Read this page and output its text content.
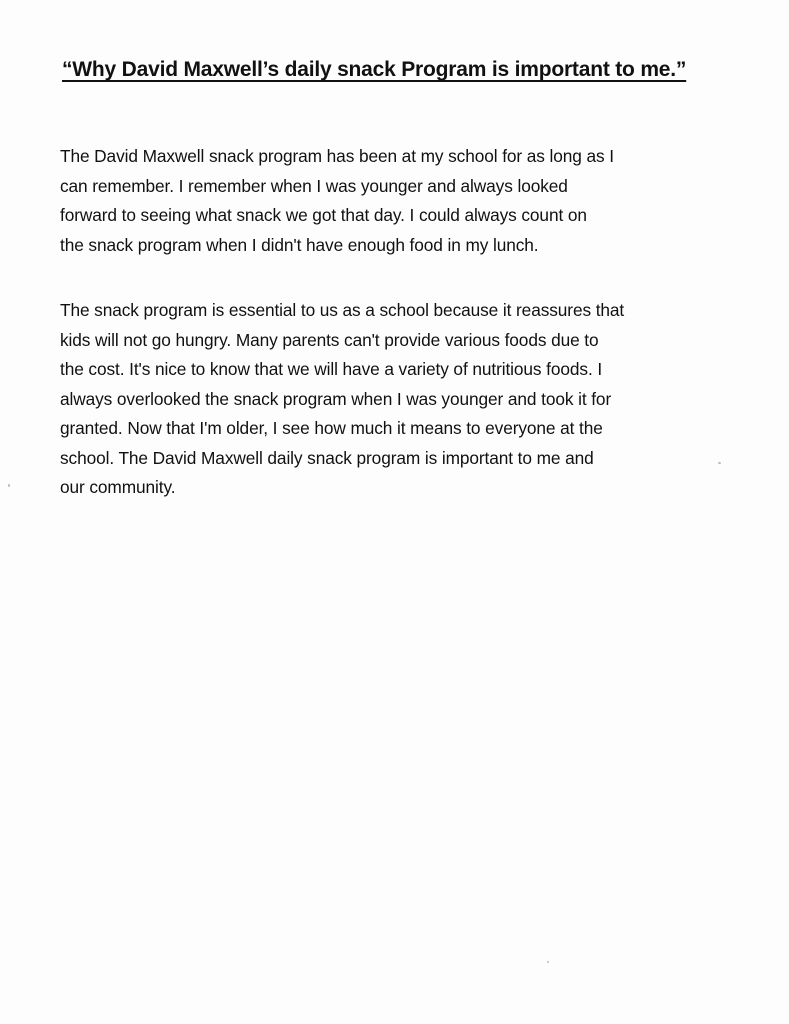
“Why David Maxwell’s daily snack Program is important to me.”

The David Maxwell snack program has been at my school for as long as I
can remember. I remember when I was younger and always looked
forward to seeing what snack we got that day. I could always count on
the snack program when I didn't have enough food in my lunch.

The snack program is essential to us as a school because it reassures that
kids will not go hungry. Many parents can't provide various foods due to
the cost. It's nice to know that we will have a variety of nutritious foods. I
always overlooked the snack program when I was younger and took it for
granted. Now that I'm older, I see how much it means to everyone at the
school. The David Maxwell daily snack program is important to me and
our community.
